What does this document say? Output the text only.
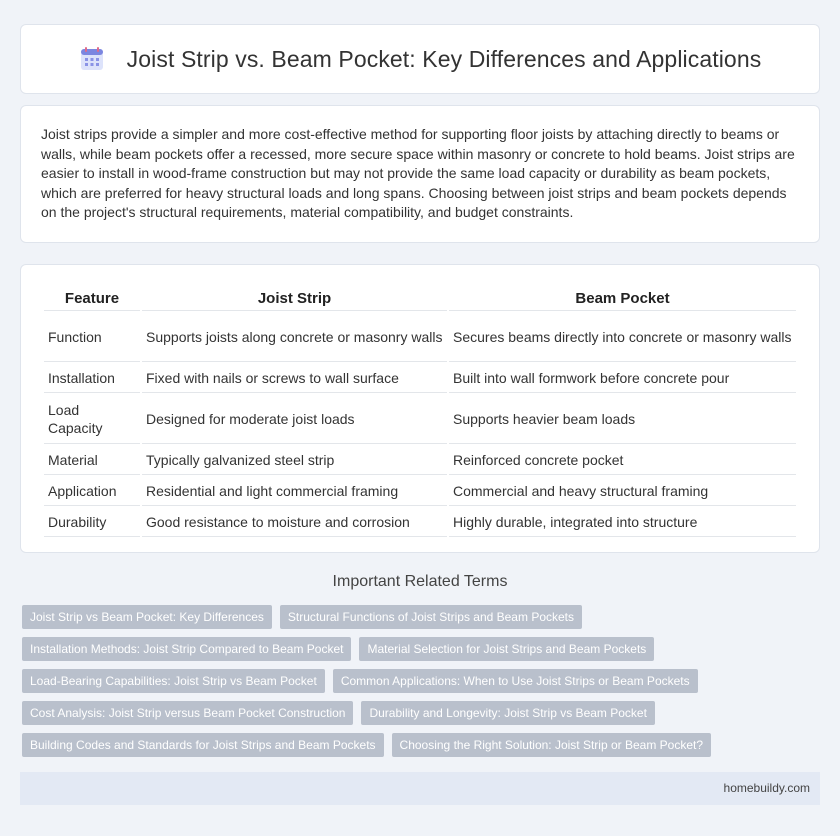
Joist Strip vs. Beam Pocket: Key Differences and Applications

Joist strips provide a simpler and more cost-effective method for supporting floor joists by attaching directly to beams or walls, while beam pockets offer a recessed, more secure space within masonry or concrete to hold beams. Joist strips are easier to install in wood-frame construction but may not provide the same load capacity or durability as beam pockets, which are preferred for heavy structural loads and long spans. Choosing between joist strips and beam pockets depends on the project's structural requirements, material compatibility, and budget constraints.

Feature	Joist Strip	Beam Pocket
Function	Supports joists along concrete or masonry walls	Secures beams directly into concrete or masonry walls
Installation	Fixed with nails or screws to wall surface	Built into wall formwork before concrete pour
Load Capacity	Designed for moderate joist loads	Supports heavier beam loads
Material	Typically galvanized steel strip	Reinforced concrete pocket
Application	Residential and light commercial framing	Commercial and heavy structural framing
Durability	Good resistance to moisture and corrosion	Highly durable, integrated into structure
Important Related Terms
Joist Strip vs Beam Pocket: Key Differences	Structural Functions of Joist Strips and Beam Pockets
Installation Methods: Joist Strip Compared to Beam Pocket	Material Selection for Joist Strips and Beam Pockets
Load-Bearing Capabilities: Joist Strip vs Beam Pocket	Common Applications: When to Use Joist Strips or Beam Pockets
Cost Analysis: Joist Strip versus Beam Pocket Construction	Durability and Longevity: Joist Strip vs Beam Pocket
Building Codes and Standards for Joist Strips and Beam Pockets	Choosing the Right Solution: Joist Strip or Beam Pocket?
homebuildy.com
